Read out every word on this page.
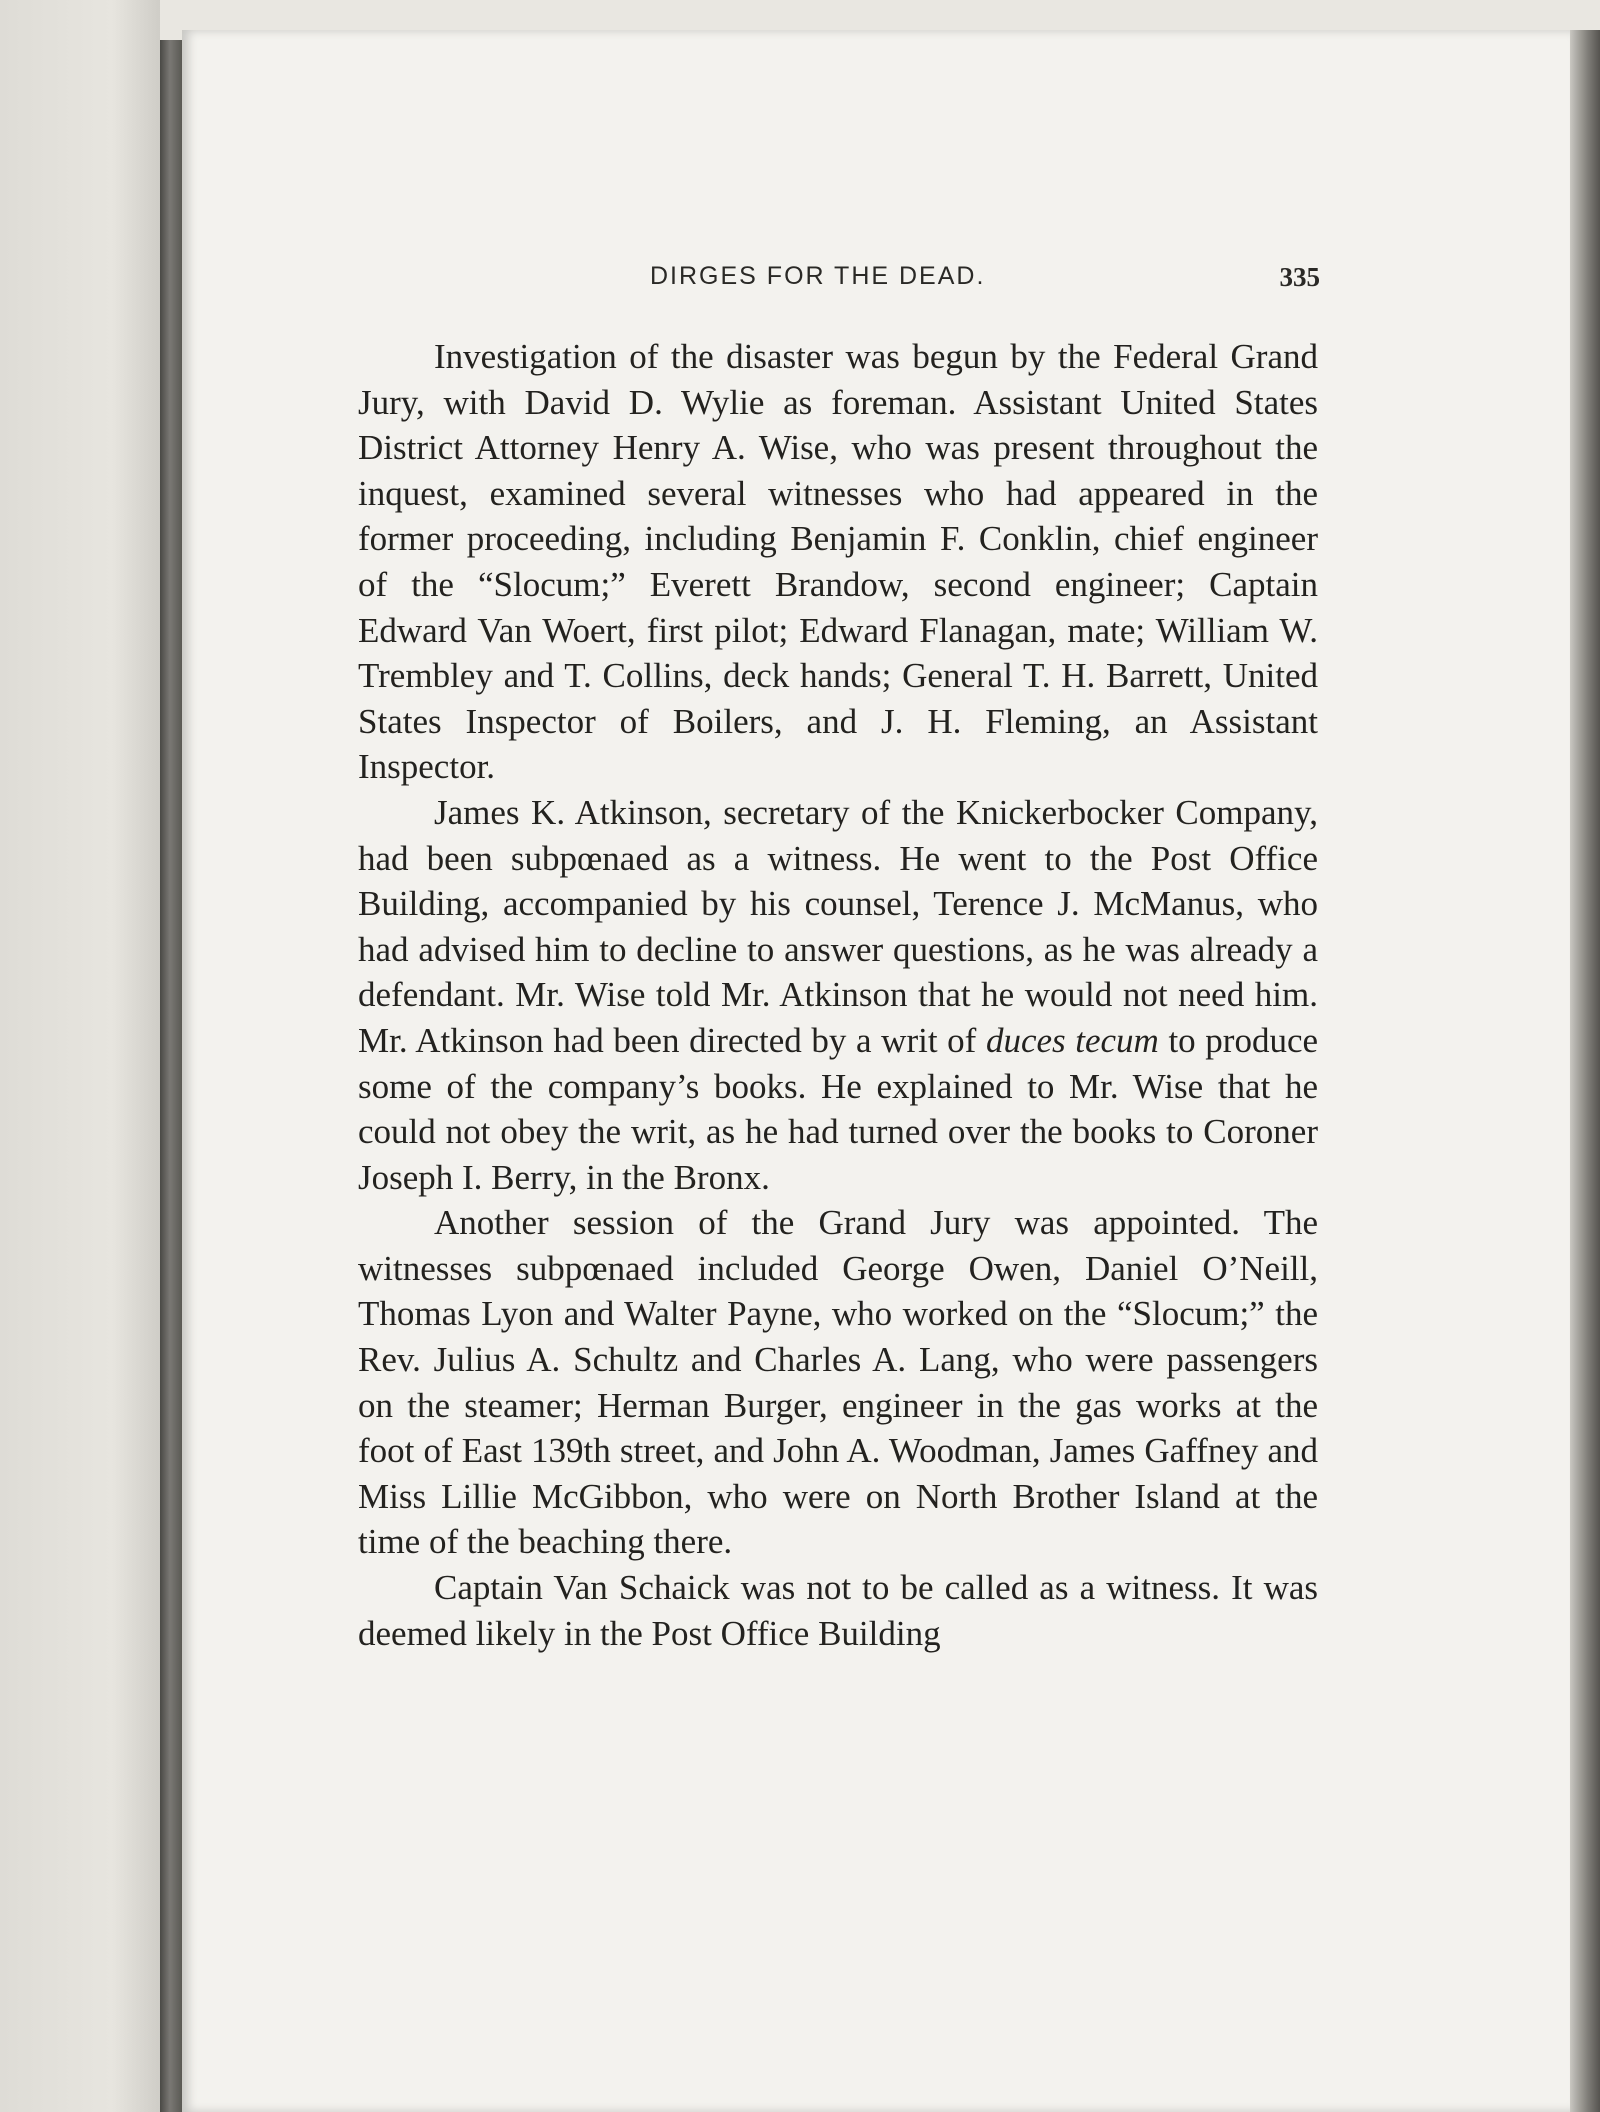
DIRGES FOR THE DEAD.	335

Investigation of the disaster was begun by the Federal Grand Jury, with David D. Wylie as foreman. Assistant United States District Attorney Henry A. Wise, who was present throughout the inquest, examined several witnesses who had appeared in the former proceeding, including Benjamin F. Conklin, chief engineer of the “Slocum;” Everett Brandow, second engineer; Captain Edward Van Woert, first pilot; Edward Flanagan, mate; William W. Trembley and T. Collins, deck hands; General T. H. Barrett, United States Inspector of Boilers, and J. H. Fleming, an Assistant Inspector.

James K. Atkinson, secretary of the Knickerbocker Company, had been subpœnaed as a witness. He went to the Post Office Building, accompanied by his counsel, Terence J. McManus, who had advised him to decline to answer questions, as he was already a defendant. Mr. Wise told Mr. Atkinson that he would not need him. Mr. Atkinson had been directed by a writ of duces tecum to produce some of the company’s books. He explained to Mr. Wise that he could not obey the writ, as he had turned over the books to Coroner Joseph I. Berry, in the Bronx.

Another session of the Grand Jury was appointed. The witnesses subpœnaed included George Owen, Daniel O’Neill, Thomas Lyon and Walter Payne, who worked on the “Slocum;” the Rev. Julius A. Schultz and Charles A. Lang, who were passengers on the steamer; Herman Burger, engineer in the gas works at the foot of East 139th street, and John A. Woodman, James Gaffney and Miss Lillie McGibbon, who were on North Brother Island at the time of the beaching there.

Captain Van Schaick was not to be called as a witness. It was deemed likely in the Post Office Building
